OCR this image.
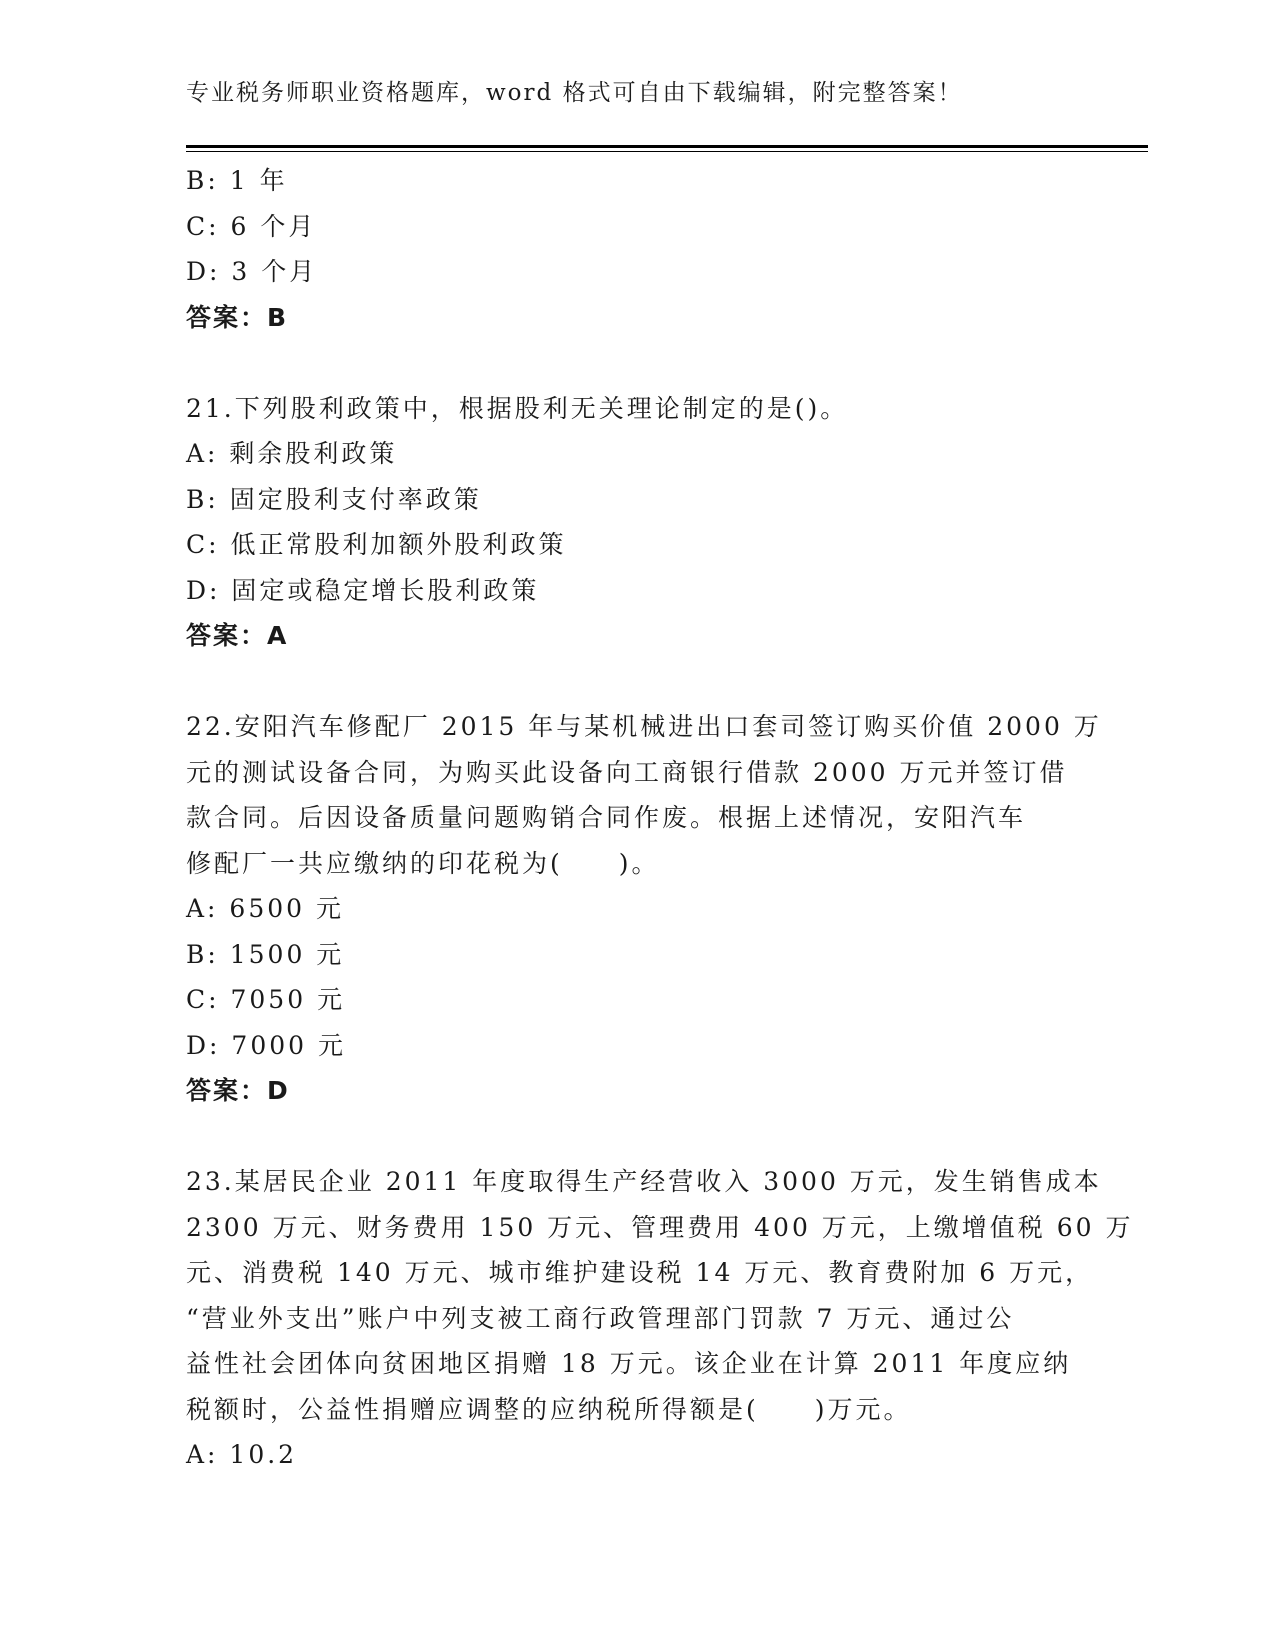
专业税务师职业资格题库，word 格式可自由下载编辑，附完整答案！
B: 1 年
C: 6 个月
D: 3 个月
答案：B
21.下列股利政策中，根据股利无关理论制定的是()。
A: 剩余股利政策
B: 固定股利支付率政策
C: 低正常股利加额外股利政策
D: 固定或稳定增长股利政策
答案：A
22.安阳汽车修配厂 2015 年与某机械进出口套司签订购买价值 2000 万
元的测试设备合同，为购买此设备向工商银行借款 2000 万元并签订借
款合同。后因设备质量问题购销合同作废。根据上述情况，安阳汽车
修配厂一共应缴纳的印花税为(　　)。
A: 6500 元
B: 1500 元
C: 7050 元
D: 7000 元
答案：D
23.某居民企业 2011 年度取得生产经营收入 3000 万元，发生销售成本
2300 万元、财务费用 150 万元、管理费用 400 万元，上缴增值税 60 万
元、消费税 140 万元、城市维护建设税 14 万元、教育费附加 6 万元，
“营业外支出”账户中列支被工商行政管理部门罚款 7 万元、通过公
益性社会团体向贫困地区捐赠 18 万元。该企业在计算 2011 年度应纳
税额时，公益性捐赠应调整的应纳税所得额是(　　)万元。
A: 10.2
